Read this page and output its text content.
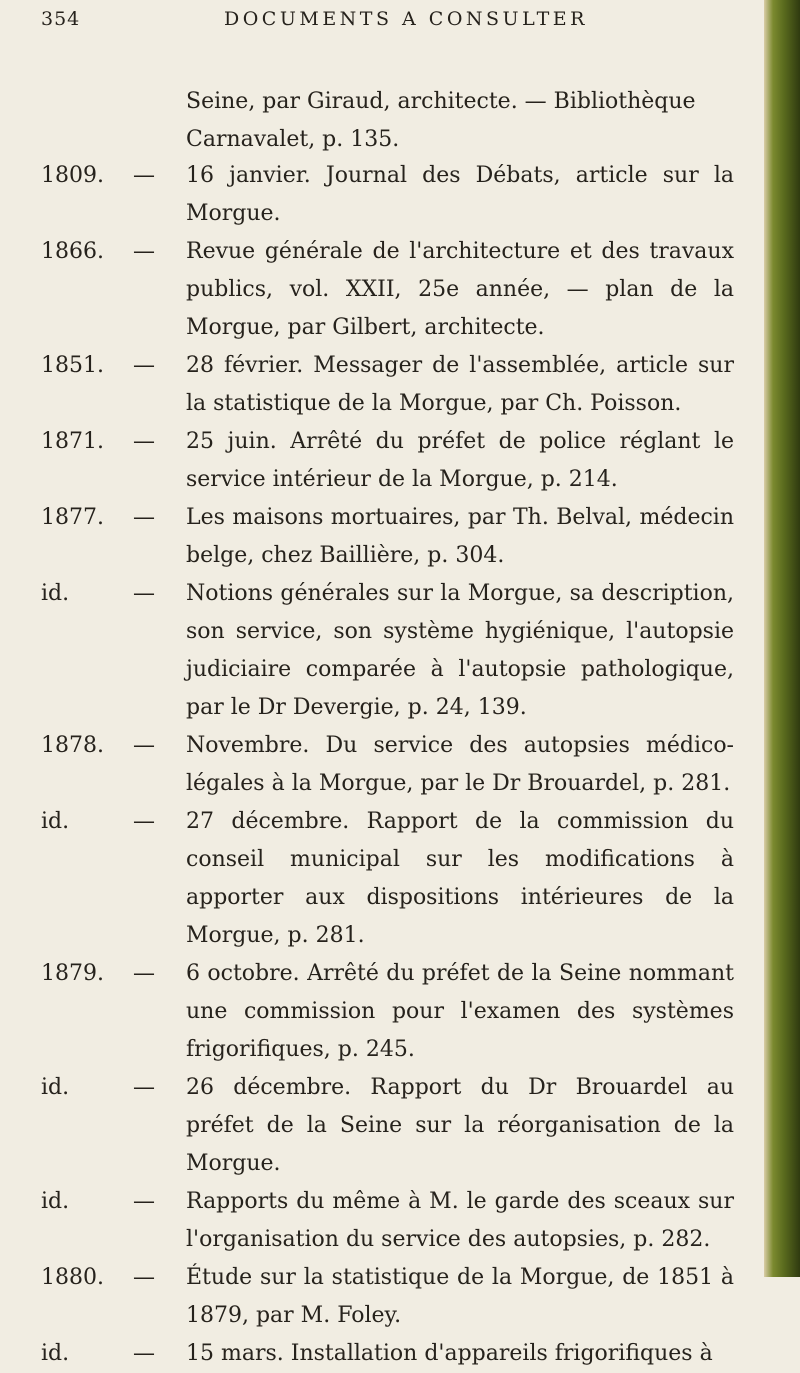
354	DOCUMENTS A CONSULTER
Seine, par Giraud, architecte. — Bibliothèque
Carnavalet, p. 135.
1809. — 16 janvier. Journal des Débats, article sur la Morgue.
1866. — Revue générale de l'architecture et des travaux publics, vol. XXII, 25e année, — plan de la Morgue, par Gilbert, architecte.
1851. — 28 février. Messager de l'assemblée, article sur la statistique de la Morgue, par Ch. Poisson.
1871. — 25 juin. Arrêté du préfet de police réglant le service intérieur de la Morgue, p. 214.
1877. — Les maisons mortuaires, par Th. Belval, médecin belge, chez Baillière, p. 304.
id.	— Notions générales sur la Morgue, sa description, son service, son système hygiénique, l'autopsie judiciaire comparée à l'autopsie pathologique, par le Dr Devergie, p. 24, 139.
1878. — Novembre. Du service des autopsies médico-légales à la Morgue, par le Dr Brouardel, p. 281.
id.	— 27 décembre. Rapport de la commission du conseil municipal sur les modifications à apporter aux dispositions intérieures de la Morgue, p. 281.
1879. — 6 octobre. Arrêté du préfet de la Seine nommant une commission pour l'examen des systèmes frigorifiques, p. 245.
id.	— 26 décembre. Rapport du Dr Brouardel au préfet de la Seine sur la réorganisation de la Morgue.
id.	— Rapports du même à M. le garde des sceaux sur l'organisation du service des autopsies, p. 282.
1880. — Étude sur la statistique de la Morgue, de 1851 à 1879, par M. Foley.
id.	— 15 mars. Installation d'appareils frigorifiques à
